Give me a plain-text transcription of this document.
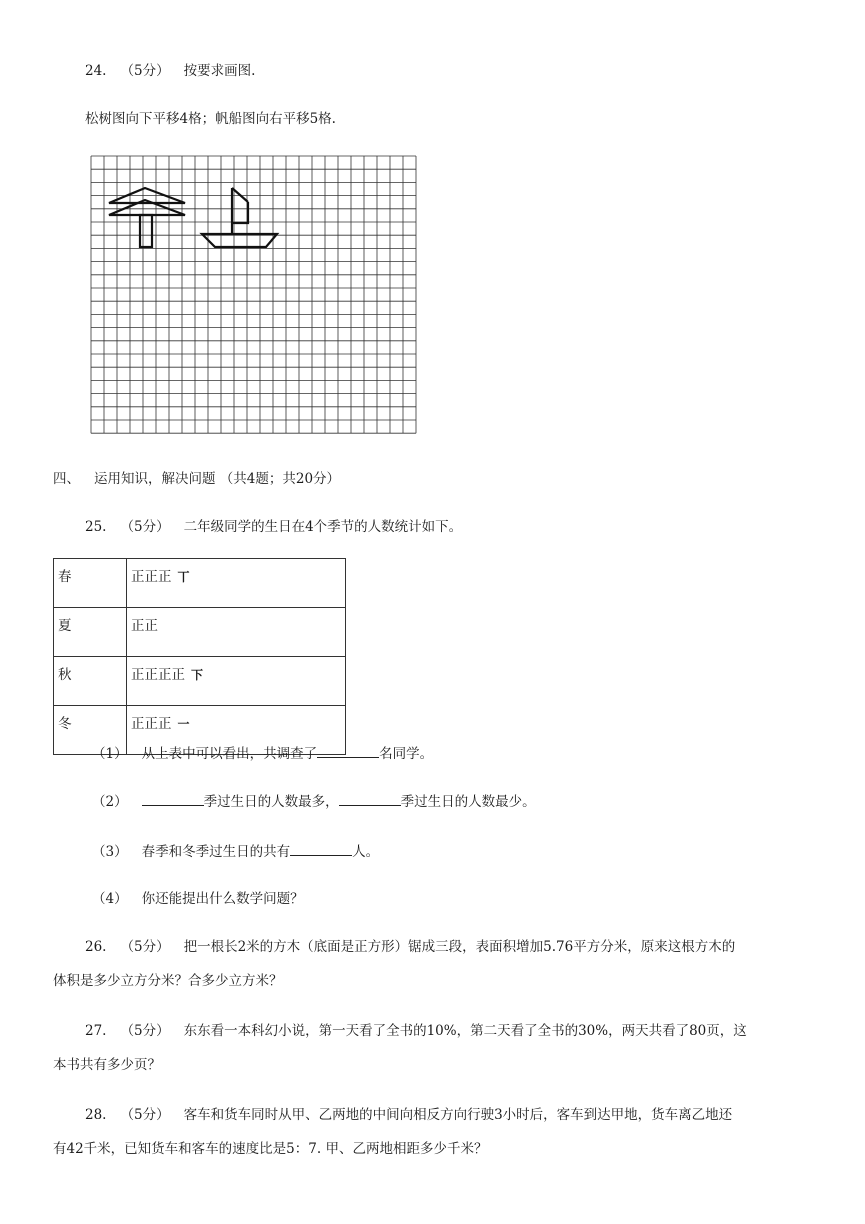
24. （5分） 按要求画图.
松树图向下平移4格；帆船图向右平移5格.
四、 运用知识，解决问题 （共4题；共20分）
25. （5分） 二年级同学的生日在4个季节的人数统计如下。
春	正正正 丅
夏	正正
秋	正正正正 下
冬	正正正 一
（1） 从上表中可以看出，共调查了	名同学。
（2）	季过生日的人数最多，	季过生日的人数最少。
（3） 春季和冬季过生日的共有	人。
（4） 你还能提出什么数学问题？
26. （5分） 把一根长2米的方木（底面是正方形）锯成三段，表面积增加5.76平方分米，原来这根方木的
体积是多少立方分米？合多少立方米？
27. （5分） 东东看一本科幻小说，第一天看了全书的10%，第二天看了全书的30%，两天共看了80页，这
本书共有多少页？
28. （5分） 客车和货车同时从甲、乙两地的中间向相反方向行驶3小时后，客车到达甲地，货车离乙地还
有42千米，已知货车和客车的速度比是5：7. 甲、乙两地相距多少千米？
